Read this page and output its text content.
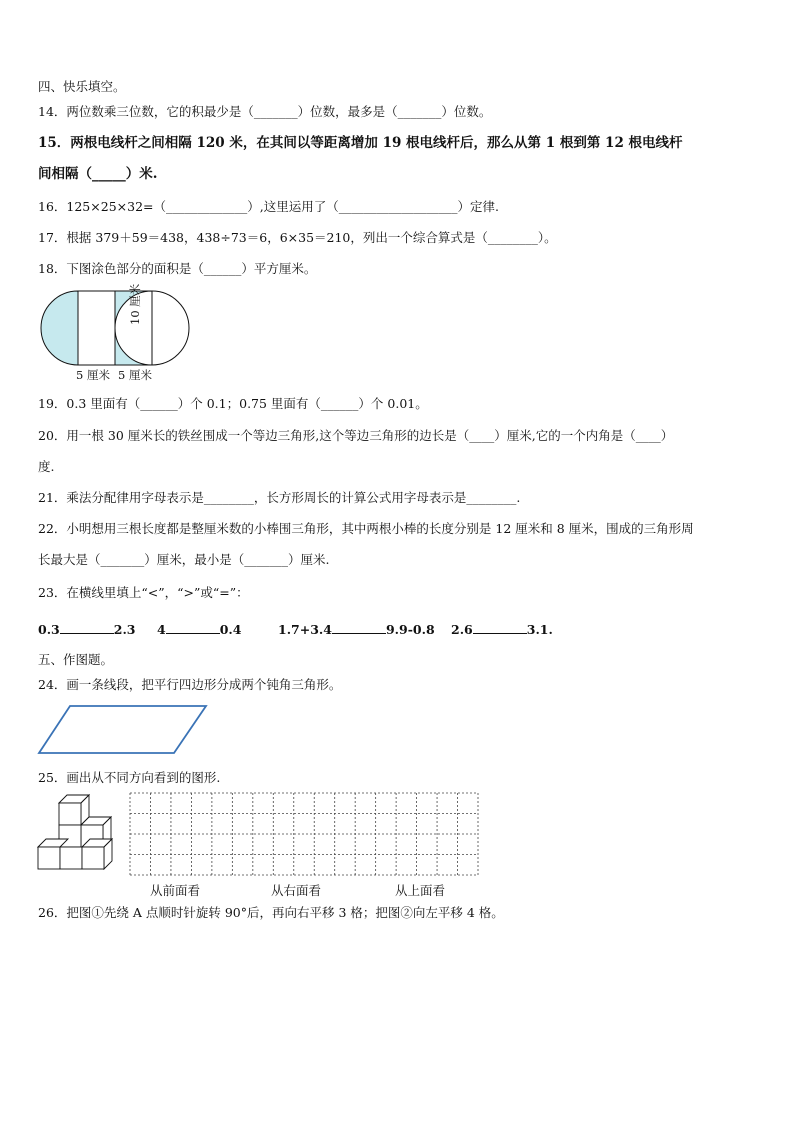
四、快乐填空。
14．两位数乘三位数，它的积最少是（_______）位数，最多是（_______）位数。
15．两根电线杆之间相隔 120 米，在其间以等距离增加 19 根电线杆后，那么从第 1 根到第 12 根电线杆
间相隔（_____）米.
16．125×25×32=（_____________）,这里运用了（___________________）定律.
17．根据 379＋59＝438，438÷73＝6，6×35＝210，列出一个综合算式是（________）。
18．下图涂色部分的面积是（______）平方厘米。
5 厘米 5 厘米
10 厘米
19．0.3 里面有（______）个 0.1；0.75 里面有（______）个 0.01。
20．用一根 30 厘米长的铁丝围成一个等边三角形,这个等边三角形的边长是（____）厘米,它的一个内角是（____）
度.
21．乘法分配律用字母表示是________，长方形周长的计算公式用字母表示是________.
22．小明想用三根长度都是整厘米数的小棒围三角形，其中两根小棒的长度分别是 12 厘米和 8 厘米，围成的三角形周
长最大是（_______）厘米，最小是（_______）厘米.
23．在横线里填上“<”，“>”或“=”：
0.3	2.3 4	0.4	1.7+3.4	9.9-0.8 2.6	3.1.
五、作图题。
24．画一条线段，把平行四边形分成两个钝角三角形。
25．画出从不同方向看到的图形.
从前面看	从右面看	从上面看
26．把图①先绕 A 点顺时针旋转 90°后，再向右平移 3 格；把图②向左平移 4 格。
